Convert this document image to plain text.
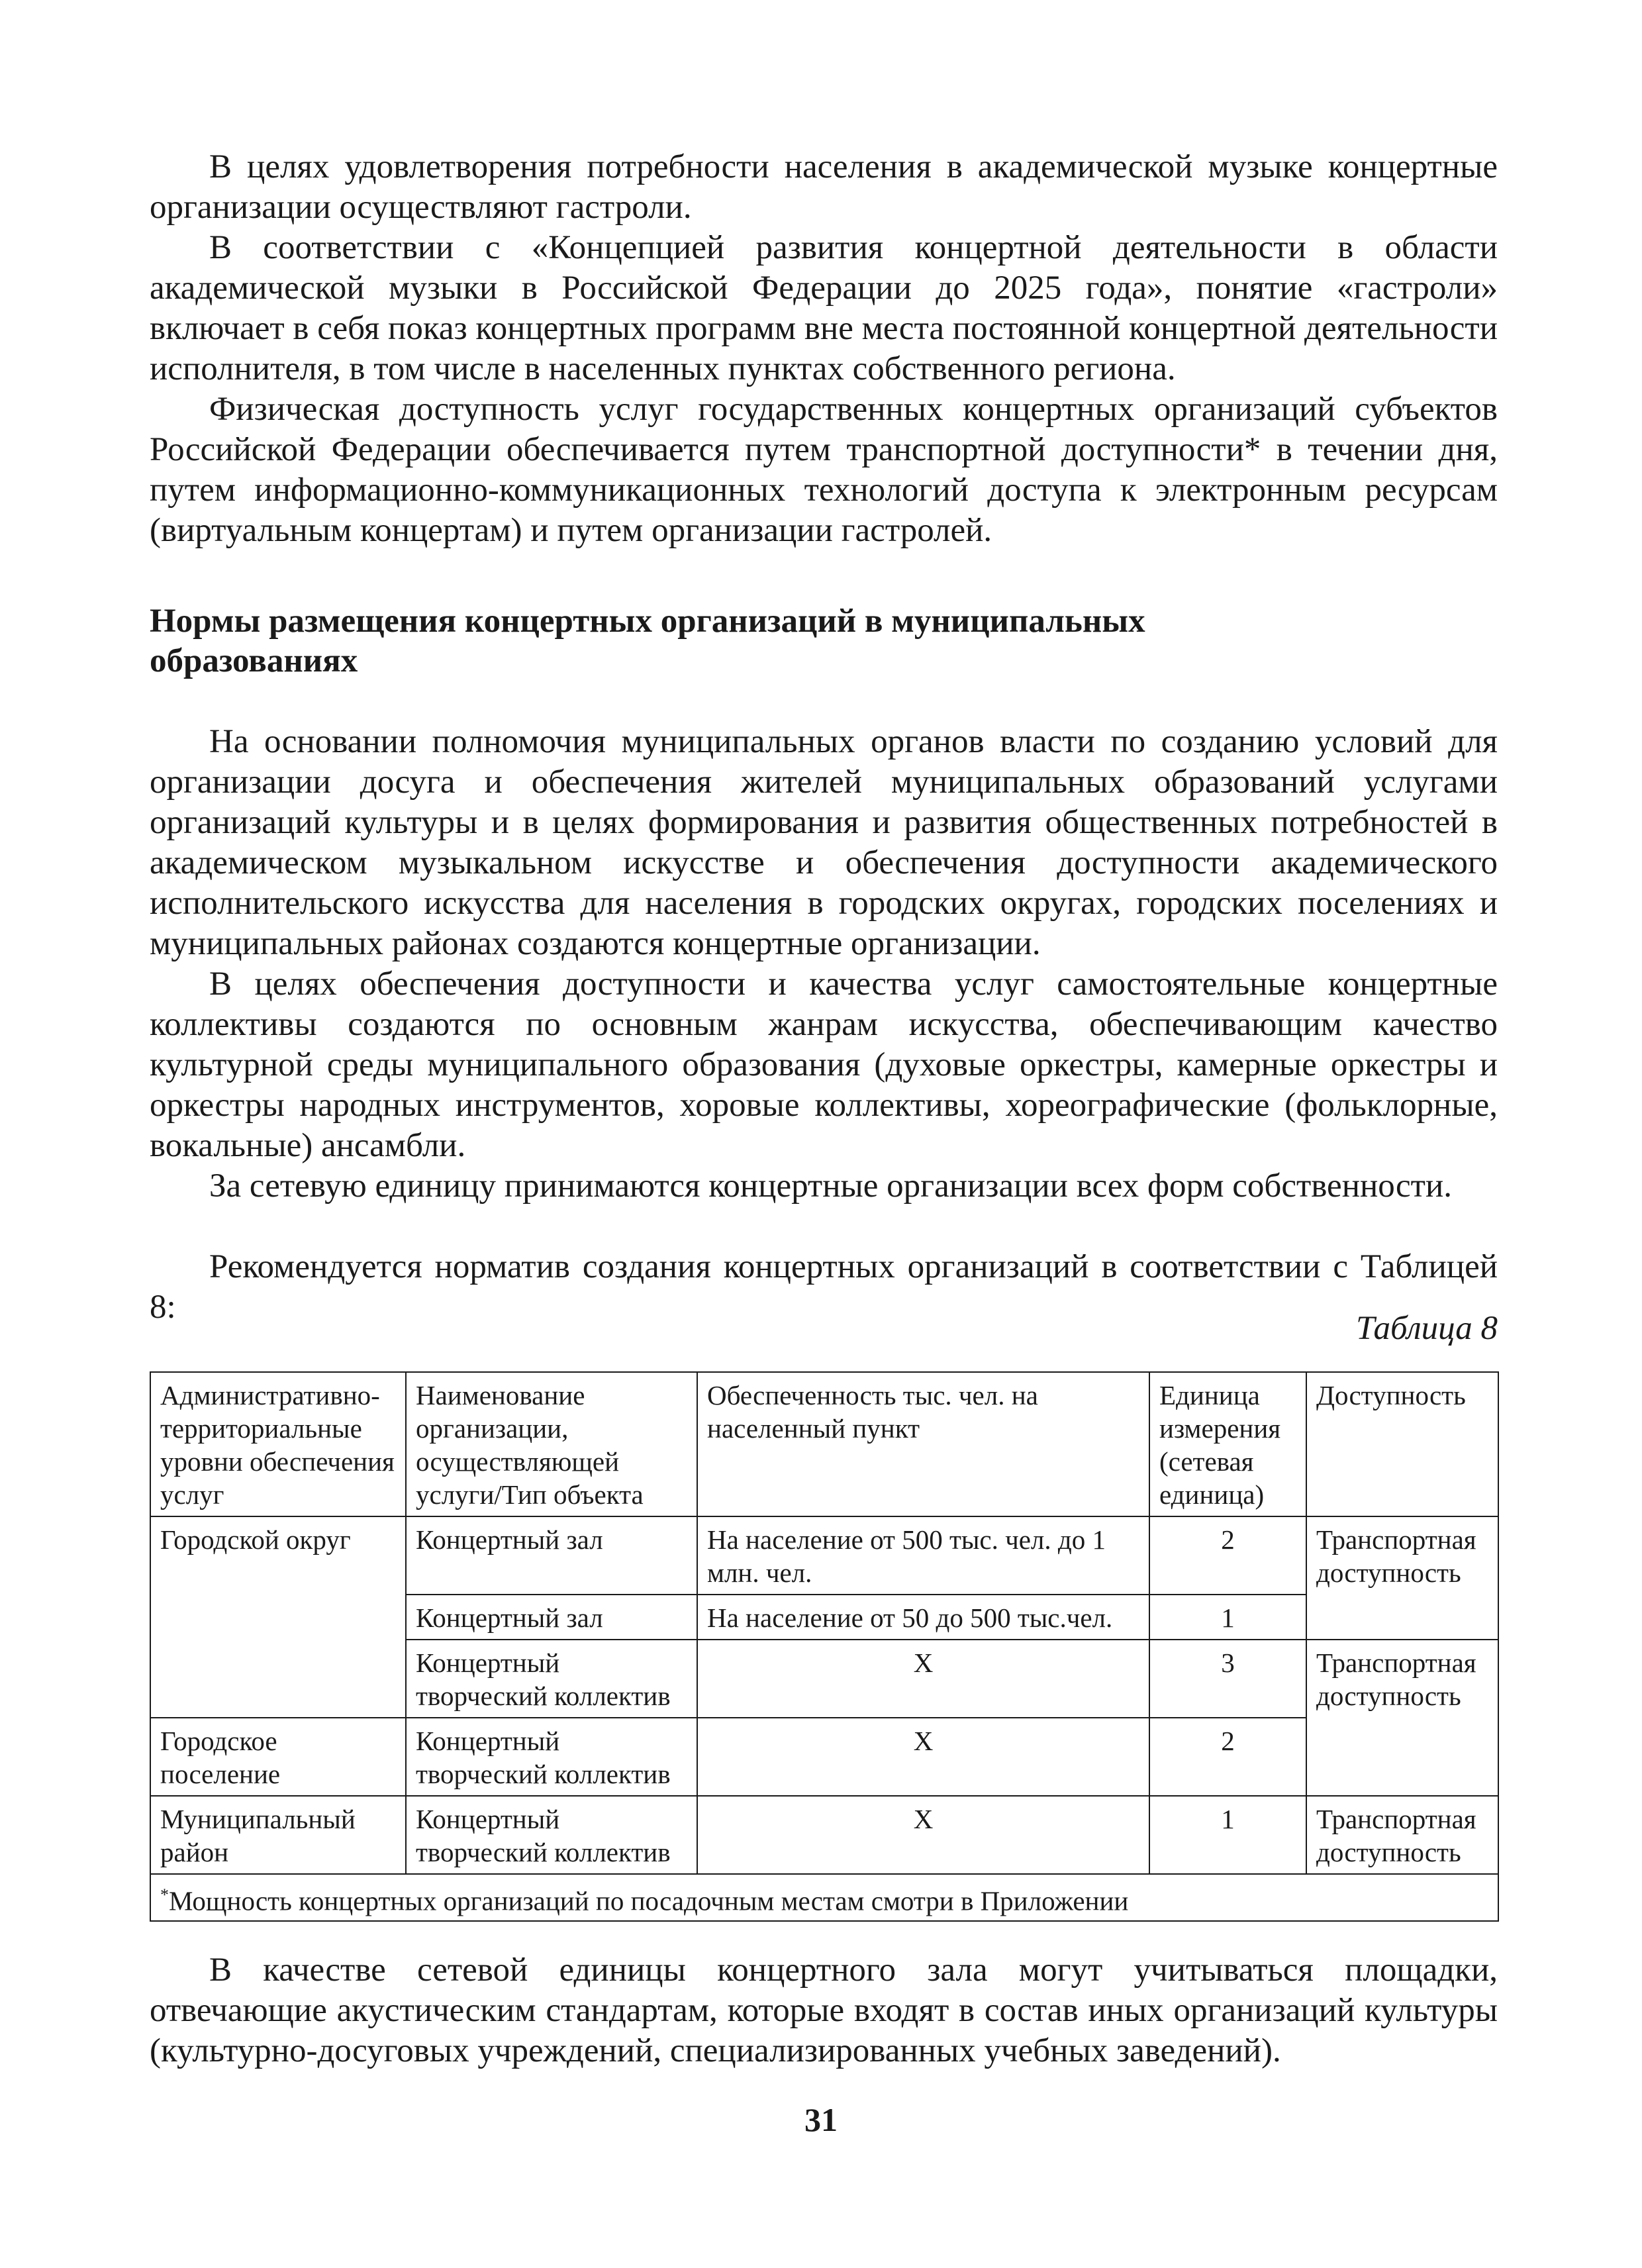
В целях удовлетворения потребности населения в академической музыке концертные организации осуществляют гастроли.

В соответствии с «Концепцией развития концертной деятельности в области академической музыки в Российской Федерации до 2025 года», понятие «гастроли» включает в себя показ концертных программ вне места постоянной концертной деятельности исполнителя, в том числе в населенных пунктах собственного региона.

Физическая доступность услуг государственных концертных организаций субъектов Российской Федерации обеспечивается путем транспортной доступности* в течении дня, путем информационно-коммуникационных технологий доступа к электронным ресурсам (виртуальным концертам) и путем организации гастролей.

Нормы размещения концертных организаций в муниципальных образованиях

На основании полномочия муниципальных органов власти по созданию условий для организации досуга и обеспечения жителей муниципальных образований услугами организаций культуры и в целях формирования и развития общественных потребностей в академическом музыкальном искусстве и обеспечения доступности академического исполнительского искусства для населения в городских округах, городских поселениях и муниципальных районах создаются концертные организации.

В целях обеспечения доступности и качества услуг самостоятельные концертные коллективы создаются по основным жанрам искусства, обеспечивающим качество культурной среды муниципального образования (духовые оркестры, камерные оркестры и оркестры народных инструментов, хоровые коллективы, хореографические (фольклорные, вокальные) ансамбли.

За сетевую единицу принимаются концертные организации всех форм собственности.

Рекомендуется норматив создания концертных организаций в соответствии с Таблицей 8:

Таблица 8
Административно-территориальные уровни обеспечения услуг	Наименование организации, осуществляющей услуги/Тип объекта	Обеспеченность тыс. чел. на населенный пункт	Единица измерения (сетевая единица)	Доступность
Городской округ	Концертный зал	На население от 500 тыс. чел. до 1 млн. чел.	2	Транспортная доступность
	Концертный зал	На население от 50 до 500 тыс.чел.	1	
	Концертный творческий коллектив	Х	3	Транспортная доступность
Городское поселение	Концертный творческий коллектив	Х	2	
Муниципальный район	Концертный творческий коллектив	Х	1	Транспортная доступность
*Мощность концертных организаций по посадочным местам смотри в Приложении				

В качестве сетевой единицы концертного зала могут учитываться площадки, отвечающие акустическим стандартам, которые входят в состав иных организаций культуры (культурно-досуговых учреждений, специализированных учебных заведений).

31
